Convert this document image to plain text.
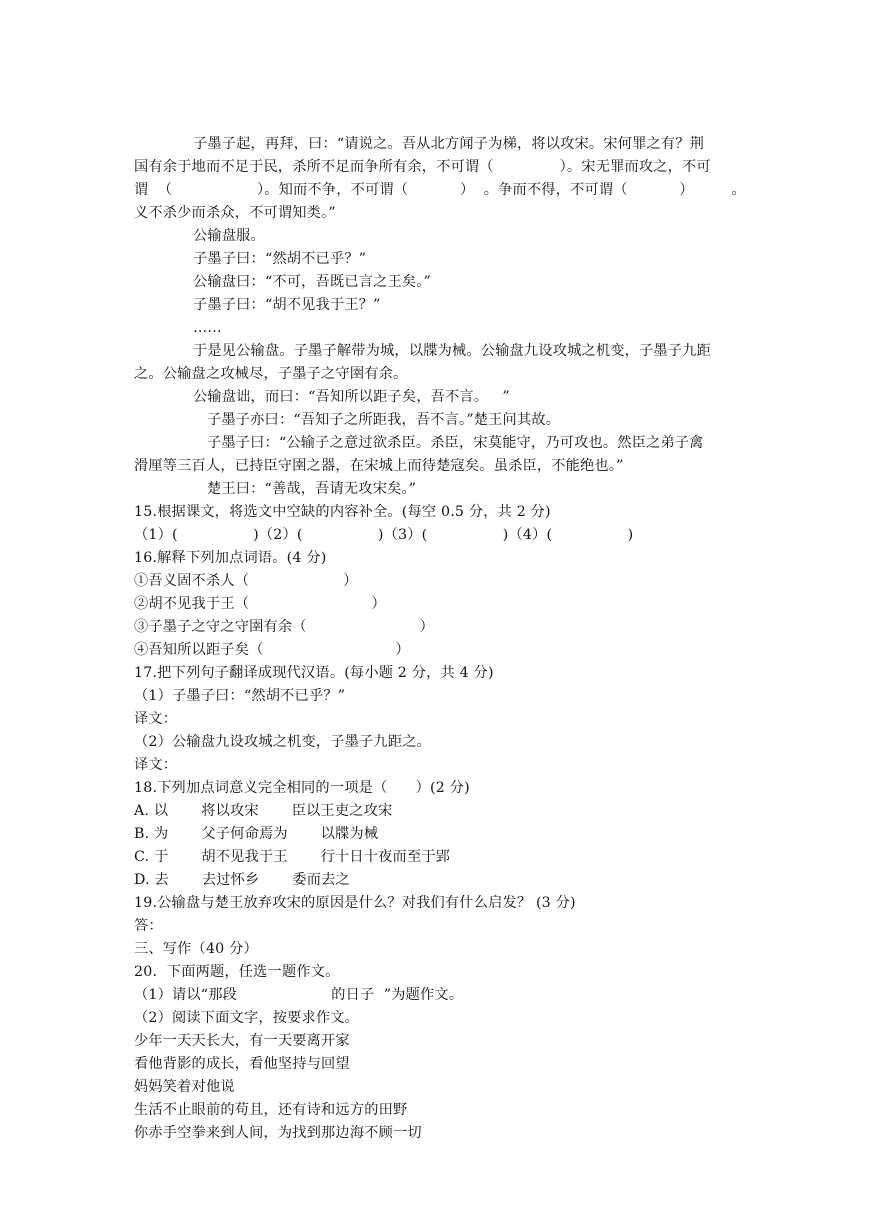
子墨子起，再拜，曰：“请说之。吾从北方闻子为梯，将以攻宋。宋何罪之有？荆
国有余于地而不足于民，杀所不足而争所有余，不可谓（              ）。宋无罪而攻之，不可
谓  （                  ）。知而不争，不可谓（           ）  。争而不得，不可谓（           ）        。
义不杀少而杀众，不可谓知类。”
公输盘服。
子墨子曰：“然胡不已乎？”
公输盘曰：“不可，吾既已言之王矣。”
子墨子曰：“胡不见我于王？”
……
于是见公输盘。子墨子解带为城，以牒为械。公输盘九设攻城之机变，子墨子九距
之。公输盘之攻械尽，子墨子之守圉有余。
公输盘诎，而曰：“吾知所以距子矣，吾不言。   ”
子墨子亦曰：“吾知子之所距我，吾不言。”楚王问其故。
子墨子曰：“公输子之意过欲杀臣。杀臣，宋莫能守，乃可攻也。然臣之弟子禽
滑厘等三百人，已持臣守圉之器，在宋城上而待楚寇矣。虽杀臣，不能绝也。”
楚王曰：“善哉，吾请无攻宋矣。”
15.根据课文，将选文中空缺的内容补全。(每空 0.5 分，共 2 分)
（1）(                )（2）(                )（3）(                )（4）(                )
16.解释下列加点词语。(4 分)
①吾义固不杀人（                    ）
②胡不见我于王（                          ）
③子墨子之守之守圉有余（                        ）
④吾知所以距子矣（                            ）
17.把下列句子翻译成现代汉语。(每小题 2 分，共 4 分)
（1）子墨子曰：“然胡不已乎？”
译文：
（2）公输盘九设攻城之机变，子墨子九距之。
译文：
18.下列加点词意义完全相同的一项是（      ）(2 分)
A. 以       将以攻宋       臣以王吏之攻宋
B. 为       父子何命焉为       以牒为械
C. 于       胡不见我于王       行十日十夜而至于郢
D. 去       去过怀乡       委而去之
19.公输盘与楚王放弃攻宋的原因是什么？对我们有什么启发？ (3 分)
答：
三、写作（40 分）
20．下面两题，任选一题作文。
（1）请以“那段                    的日子  ”为题作文。
（2）阅读下面文字，按要求作文。
少年一天天长大，有一天要离开家
看他背影的成长，看他坚持与回望
妈妈笑着对他说
生活不止眼前的苟且，还有诗和远方的田野
你赤手空拳来到人间，为找到那边海不顾一切
